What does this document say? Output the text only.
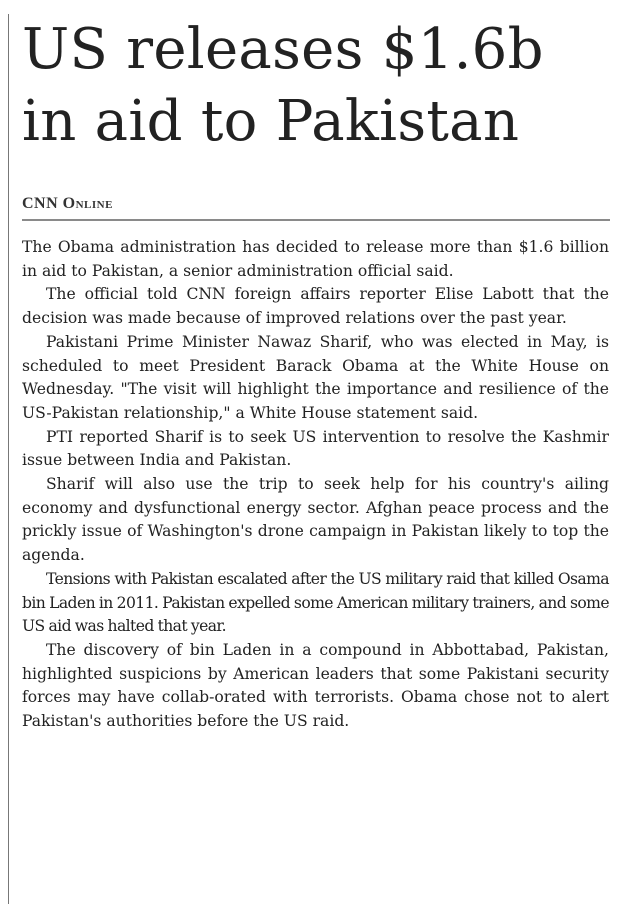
US releases $1.6b
in aid to Pakistan
CNN Online

The Obama administration has decided to release more than $1.6 billion in aid to Pakistan, a senior administration official said.

The official told CNN foreign affairs reporter Elise Labott that the decision was made because of improved relations over the past year.

Pakistani Prime Minister Nawaz Sharif, who was elected in May, is scheduled to meet President Barack Obama at the White House on Wednesday. "The visit will highlight the importance and resilience of the US-Pakistan relationship," a White House statement said.

PTI reported Sharif is to seek US intervention to resolve the Kashmir issue between India and Pakistan.

Sharif will also use the trip to seek help for his country's ailing economy and dysfunctional energy sector. Afghan peace process and the prickly issue of Washington's drone campaign in Pakistan likely to top the agenda.

Tensions with Pakistan escalated after the US military raid that killed Osama bin Laden in 2011. Pakistan expelled some American military trainers, and some US aid was halted that year.

The discovery of bin Laden in a compound in Abbottabad, Pakistan, highlighted suspicions by American leaders that some Pakistani security forces may have collab-orated with terrorists. Obama chose not to alert Pakistan's authorities before the US raid.
